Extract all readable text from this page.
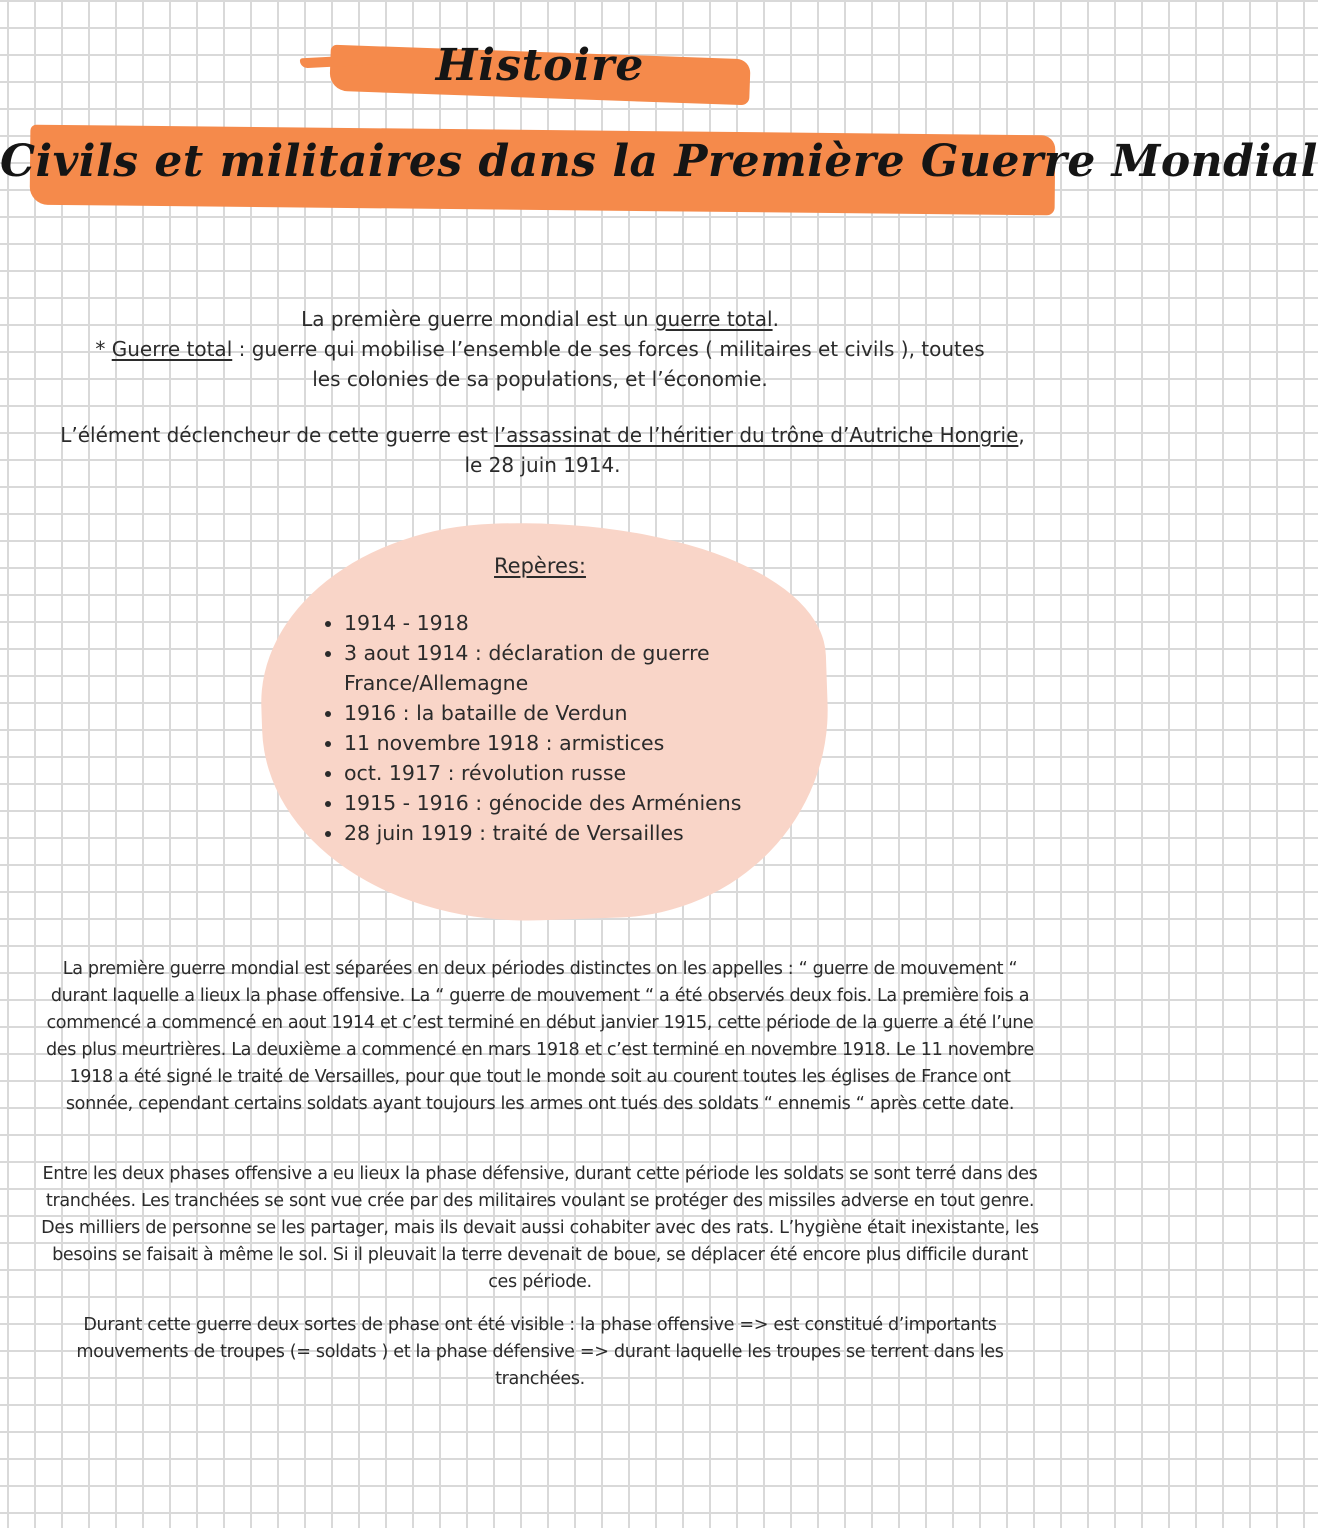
Histoire
Civils et militaires dans la Première Guerre Mondial

La première guerre mondial est un guerre total.

* Guerre total : guerre qui mobilise l’ensemble de ses forces ( militaires et civils ), toutes les colonies de sa populations, et l’économie.

L’élément déclencheur de cette guerre est l’assassinat de l’héritier du trône d’Autriche Hongrie, le 28 juin 1914.

Repères:
• 1914 - 1918
• 3 aout 1914 : déclaration de guerre France/Allemagne
• 1916 : la bataille de Verdun
• 11 novembre 1918 : armistices
• oct. 1917 : révolution russe
• 1915 - 1916 : génocide des Arméniens
• 28 juin 1919 : traité de Versailles

La première guerre mondial est séparées en deux périodes distinctes on les appelles : “ guerre de mouvement “ durant laquelle a lieux la phase offensive. La “ guerre de mouvement “ a été observés deux fois. La première fois a commencé a commencé en aout 1914 et c’est terminé en début janvier 1915, cette période de la guerre a été l’une des plus meurtrières. La deuxième a commencé en mars 1918 et c’est terminé en novembre 1918. Le 11 novembre 1918 a été signé le traité de Versailles, pour que tout le monde soit au courent toutes les églises de France ont sonnée, cependant certains soldats ayant toujours les armes ont tués des soldats “ ennemis “ après cette date.

Entre les deux phases offensive a eu lieux la phase défensive, durant cette période les soldats se sont terré dans des tranchées. Les tranchées se sont vue crée par des militaires voulant se protéger des missiles adverse en tout genre. Des milliers de personne se les partager, mais ils devait aussi cohabiter avec des rats. L’hygiène était inexistante, les besoins se faisait à même le sol. Si il pleuvait la terre devenait de boue, se déplacer été encore plus difficile durant ces période.

Durant cette guerre deux sortes de phase ont été visible : la phase offensive => est constitué d’importants mouvements de troupes (= soldats ) et la phase défensive => durant laquelle les troupes se terrent dans les tranchées.
